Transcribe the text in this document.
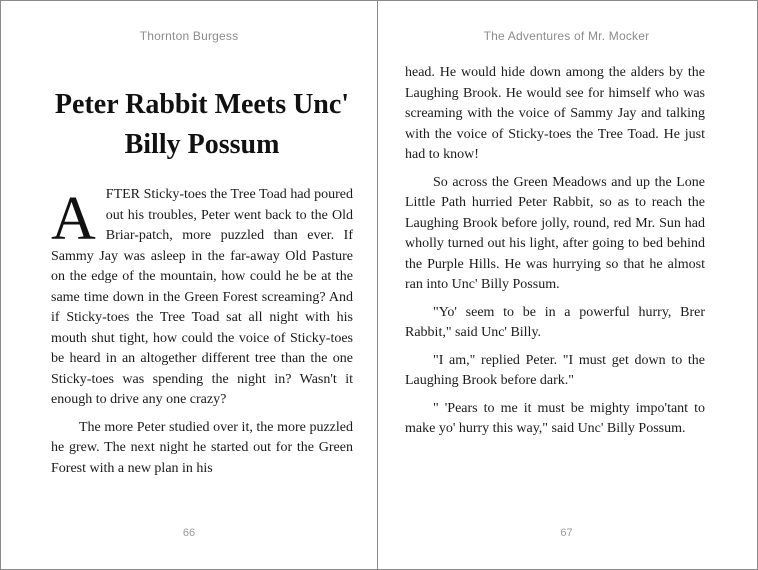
Thornton Burgess
Peter Rabbit Meets Unc' Billy Possum

AFTER Sticky-toes the Tree Toad had poured out his troubles, Peter went back to the Old Briar-patch, more puzzled than ever. If Sammy Jay was asleep in the far-away Old Pasture on the edge of the mountain, how could he be at the same time down in the Green Forest screaming? And if Sticky-toes the Tree Toad sat all night with his mouth shut tight, how could the voice of Sticky-toes be heard in an altogether different tree than the one Sticky-toes was spending the night in? Wasn't it enough to drive any one crazy?

The more Peter studied over it, the more puzzled he grew. The next night he started out for the Green Forest with a new plan in his

66
The Adventures of Mr. Mocker

head. He would hide down among the alders by the Laughing Brook. He would see for himself who was screaming with the voice of Sammy Jay and talking with the voice of Sticky-toes the Tree Toad. He just had to know!

So across the Green Meadows and up the Lone Little Path hurried Peter Rabbit, so as to reach the Laughing Brook before jolly, round, red Mr. Sun had wholly turned out his light, after going to bed behind the Purple Hills. He was hurrying so that he almost ran into Unc' Billy Possum.

"Yo' seem to be in a powerful hurry, Brer Rabbit," said Unc' Billy.

"I am," replied Peter. "I must get down to the Laughing Brook before dark."

" 'Pears to me it must be mighty impo'tant to make yo' hurry this way," said Unc' Billy Possum.

67
